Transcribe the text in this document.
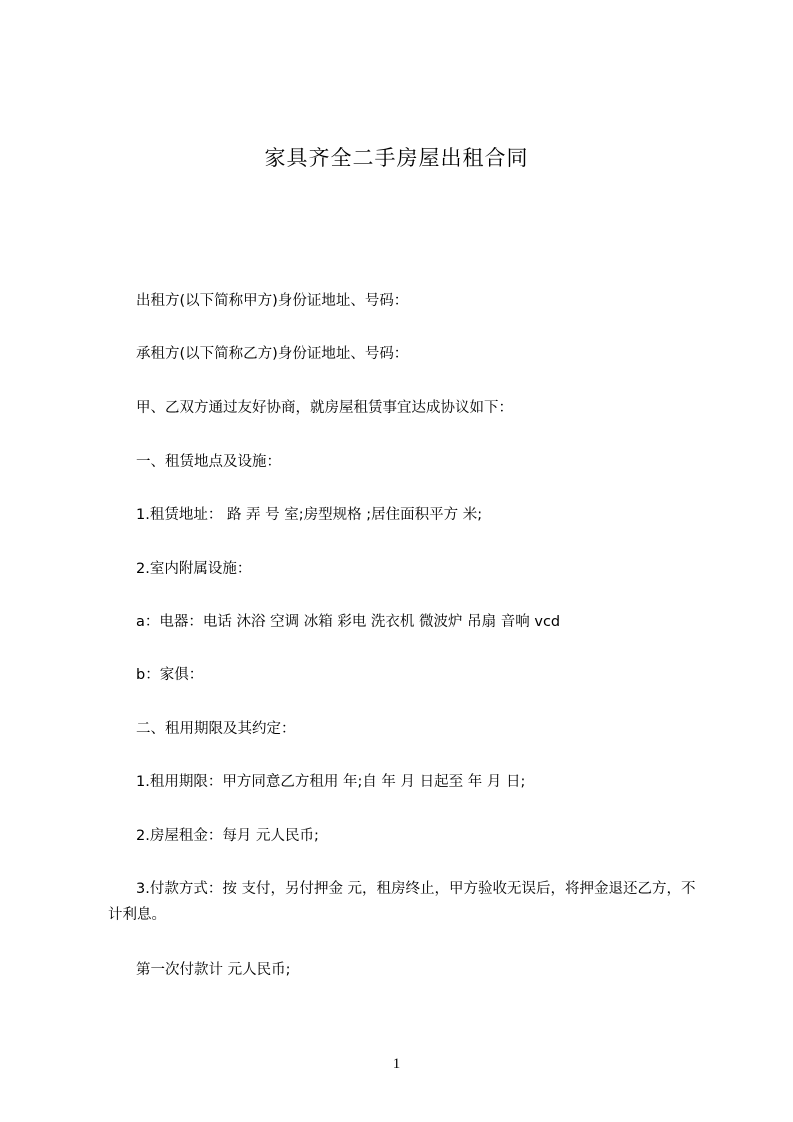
家具齐全二手房屋出租合同
出租方(以下简称甲方)身份证地址、号码：
承租方(以下简称乙方)身份证地址、号码：
甲、乙双方通过友好协商，就房屋租赁事宜达成协议如下：
一、租赁地点及设施：
1.租赁地址： 路 弄 号 室;房型规格 ;居住面积平方 米;
2.室内附属设施：
a：电器：电话 沐浴 空调 冰箱 彩电 洗衣机 微波炉 吊扇 音响 vcd
b：家俱：
二、租用期限及其约定：
1.租用期限：甲方同意乙方租用 年;自 年 月 日起至 年 月 日;
2.房屋租金：每月 元人民币;
3.付款方式：按 支付，另付押金 元，租房终止，甲方验收无误后，将押金退还乙方，不计利息。
第一次付款计 元人民币;
1
